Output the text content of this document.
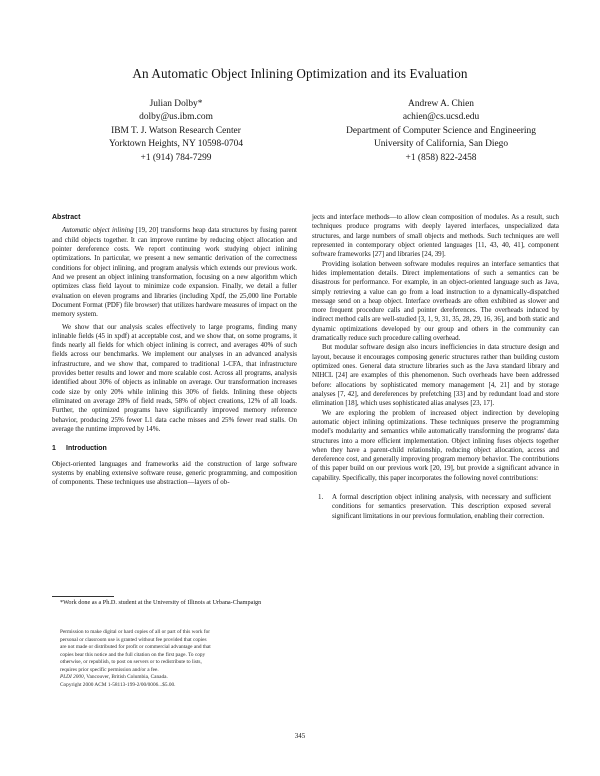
An Automatic Object Inlining Optimization and its Evaluation
Julian Dolby*
dolby@us.ibm.com
IBM T. J. Watson Research Center
Yorktown Heights, NY 10598-0704
+1 (914) 784-7299
Andrew A. Chien
achien@cs.ucsd.edu
Department of Computer Science and Engineering
University of California, San Diego
+1 (858) 822-2458
Abstract

Automatic object inlining [19, 20] transforms heap data structures by fusing parent and child objects together. It can improve runtime by reducing object allocation and pointer dereference costs. We report continuing work studying object inlining optimizations. In particular, we present a new semantic derivation of the correctness conditions for object inlining, and program analysis which extends our previous work. And we present an object inlining transformation, focusing on a new algorithm which optimizes class field layout to minimize code expansion. Finally, we detail a fuller evaluation on eleven programs and libraries (including Xpdf, the 25,000 line Portable Document Format (PDF) file browser) that utilizes hardware measures of impact on the memory system.

We show that our analysis scales effectively to large programs, finding many inlinable fields (45 in xpdf) at acceptable cost, and we show that, on some programs, it finds nearly all fields for which object inlining is correct, and averages 40% of such fields across our benchmarks. We implement our analyses in an advanced analysis infrastructure, and we show that, compared to traditional 1-CFA, that infrastructure provides better results and lower and more scalable cost. Across all programs, analysis identified about 30% of objects as inlinable on average. Our transformation increases code size by only 20% while inlining this 30% of fields. Inlining these objects eliminated on average 28% of field reads, 58% of object creations, 12% of all loads. Further, the optimized programs have significantly improved memory reference behavior, producing 25% fewer L1 data cache misses and 25% fewer read stalls. On average the runtime improved by 14%.

1 Introduction

Object-oriented languages and frameworks aid the construction of large software systems by enabling extensive software reuse, generic programming, and composition of components. These techniques use abstraction—layers of ob-

*Work done as a Ph.D. student at the University of Illinois at Urbana-Champaign

Permission to make digital or hard copies of all or part of this work for
personal or classroom use is granted without fee provided that copies
are not made or distributed for profit or commercial advantage and that
copies bear this notice and the full citation on the first page. To copy
otherwise, or republish, to post on servers or to redistribute to lists,
requires prior specific permission and/or a fee.
PLDI 2000, Vancouver, British Columbia, Canada.
Copyright 2000 ACM 1-58113-199-2/00/0006...$5.00.

jects and interface methods—to allow clean composition of modules. As a result, such techniques produce programs with deeply layered interfaces, unspecialized data structures, and large numbers of small objects and methods. Such techniques are well represented in contemporary object oriented languages [11, 43, 40, 41], component software frameworks [27] and libraries [24, 39].

Providing isolation between software modules requires an interface semantics that hides implementation details. Direct implementations of such a semantics can be disastrous for performance. For example, in an object-oriented language such as Java, simply retrieving a value can go from a load instruction to a dynamically-dispatched message send on a heap object. Interface overheads are often exhibited as slower and more frequent procedure calls and pointer dereferences. The overheads induced by indirect method calls are well-studied [3, 1, 9, 31, 35, 28, 29, 16, 36], and both static and dynamic optimizations developed by our group and others in the community can dramatically reduce such procedure calling overhead.

But modular software design also incurs inefficiencies in data structure design and layout, because it encourages composing generic structures rather than building custom optimized ones. General data structure libraries such as the Java standard library and NIHCL [24] are examples of this phenomenon. Such overheads have been addressed before: allocations by sophisticated memory management [4, 21] and by storage analyses [7, 42], and dereferences by prefetching [33] and by redundant load and store elimination [18], which uses sophisticated alias analyses [23, 17].

We are exploring the problem of increased object indirection by developing automatic object inlining optimizations. These techniques preserve the programming model's modularity and semantics while automatically transforming the programs' data structures into a more efficient implementation. Object inlining fuses objects together when they have a parent-child relationship, reducing object allocation, access and dereference cost, and generally improving program memory behavior. The contributions of this paper build on our previous work [20, 19], but provide a significant advance in capability. Specifically, this paper incorporates the following novel contributions:

1. A formal description object inlining analysis, with necessary and sufficient conditions for semantics preservation. This description exposed several significant limitations in our previous formulation, enabling their correction.
345
